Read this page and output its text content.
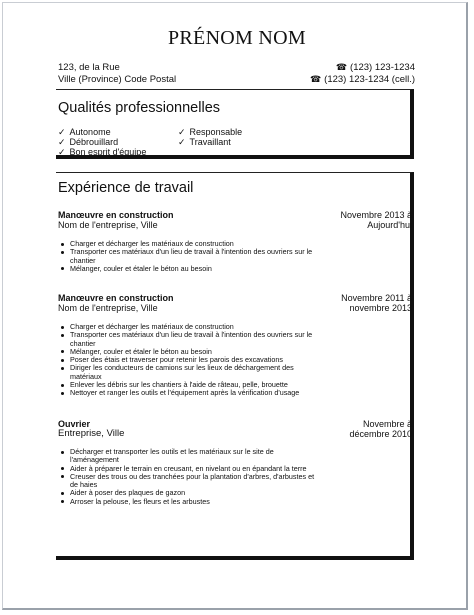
PRÉNOM NOM
123, de la Rue
Ville (Province) Code Postal
☎ (123) 123-1234
☎ (123) 123-1234 (cell.)
Qualités professionnelles
✓ Autonome
✓ Débrouillard
✓ Bon esprit d'équipe
✓ Responsable
✓ Travaillant
Expérience de travail
Manœuvre en construction
Nom de l'entreprise, Ville
Novembre 2013 à
Aujourd'hui
Charger et décharger les matériaux de construction
Transporter ces matériaux d'un lieu de travail à l'intention des ouvriers sur le chantier
Mélanger, couler et étaler le béton au besoin
Manœuvre en construction
Nom de l'entreprise, Ville
Novembre 2011 à
novembre 2013
Charger et décharger les matériaux de construction
Transporter ces matériaux d'un lieu de travail à l'intention des ouvriers sur le chantier
Mélanger, couler et étaler le béton au besoin
Poser des étais et traverser pour retenir les parois des excavations
Diriger les conducteurs de camions sur les lieux de déchargement des matériaux
Enlever les débris sur les chantiers à l'aide de râteau, pelle, brouette
Nettoyer et ranger les outils et l'équipement après la vérification d'usage
Ouvrier
Entreprise, Ville
Novembre à
décembre 2010
Décharger et transporter les outils et les matériaux sur le site de l'aménagement
Aider à préparer le terrain en creusant, en nivelant ou en épandant la terre
Creuser des trous ou des tranchées pour la plantation d'arbres, d'arbustes et de haies
Aider à poser des plaques de gazon
Arroser la pelouse, les fleurs et les arbustes
